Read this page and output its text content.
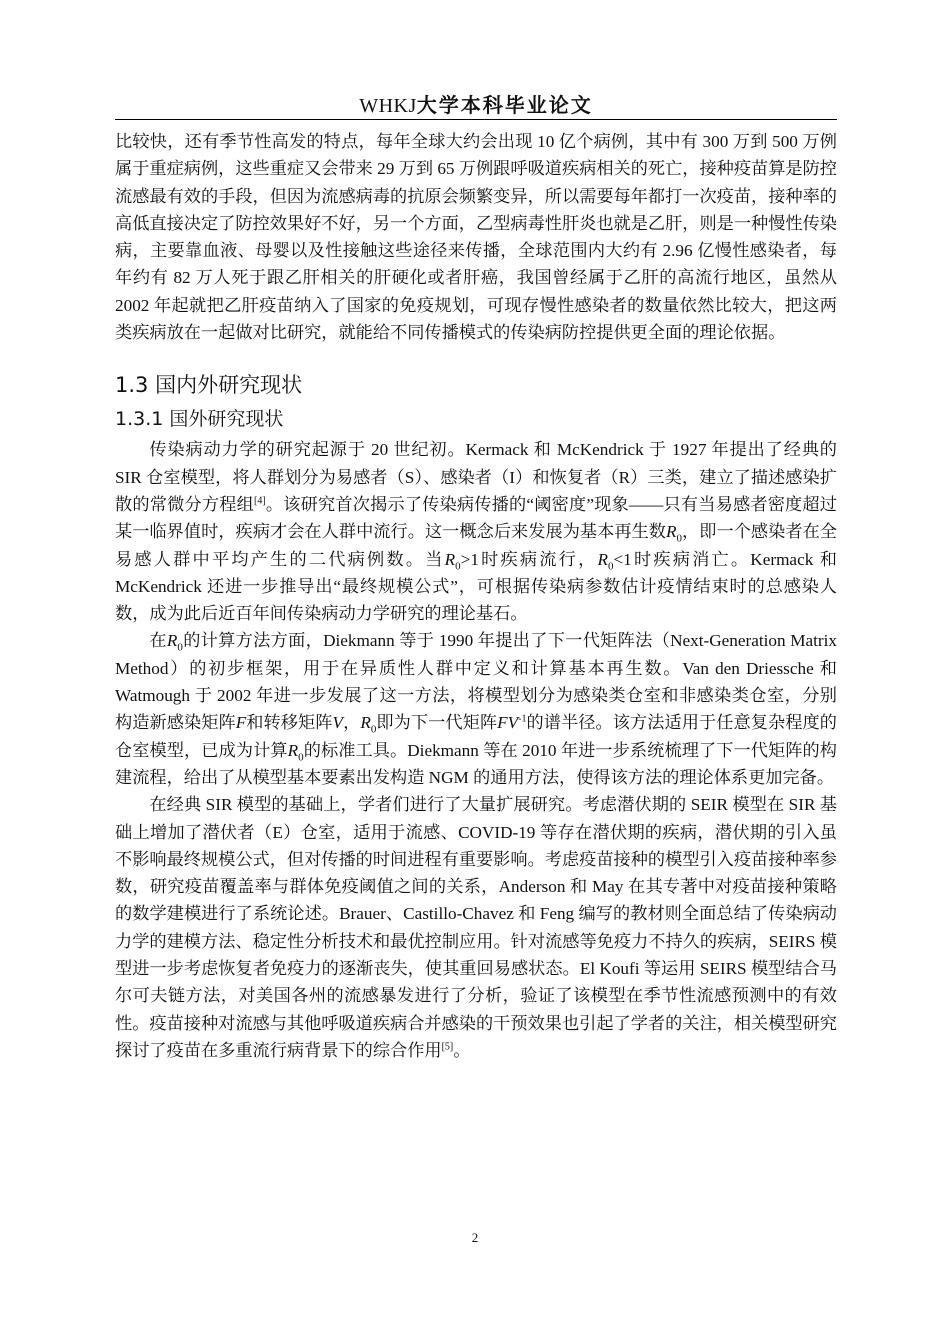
WHKJ大学本科毕业论文

比较快，还有季节性高发的特点，每年全球大约会出现 10 亿个病例，其中有 300 万到 500 万例属于重症病例，这些重症又会带来 29 万到 65 万例跟呼吸道疾病相关的死亡，接种疫苗算是防控流感最有效的手段，但因为流感病毒的抗原会频繁变异，所以需要每年都打一次疫苗，接种率的高低直接决定了防控效果好不好，另一个方面，乙型病毒性肝炎也就是乙肝，则是一种慢性传染病，主要靠血液、母婴以及性接触这些途径来传播，全球范围内大约有 2.96 亿慢性感染者，每年约有 82 万人死于跟乙肝相关的肝硬化或者肝癌，我国曾经属于乙肝的高流行地区，虽然从 2002 年起就把乙肝疫苗纳入了国家的免疫规划，可现存慢性感染者的数量依然比较大，把这两类疾病放在一起做对比研究，就能给不同传播模式的传染病防控提供更全面的理论依据。

1.3 国内外研究现状
1.3.1 国外研究现状

传染病动力学的研究起源于 20 世纪初。Kermack 和 McKendrick 于 1927 年提出了经典的 SIR 仓室模型，将人群划分为易感者（S）、感染者（I）和恢复者（R）三类，建立了描述感染扩散的常微分方程组[4]。该研究首次揭示了传染病传播的“阈密度”现象——只有当易感者密度超过某一临界值时，疾病才会在人群中流行。这一概念后来发展为基本再生数$R_0$，即一个感染者在全易感人群中平均产生的二代病例数。当$R_0>1$时疾病流行，$R_0<1$时疾病消亡。Kermack 和 McKendrick 还进一步推导出“最终规模公式”，可根据传染病参数估计疫情结束时的总感染人数，成为此后近百年间传染病动力学研究的理论基石。

在$R_0$的计算方法方面，Diekmann 等于 1990 年提出了下一代矩阵法（Next-Generation Matrix Method）的初步框架，用于在异质性人群中定义和计算基本再生数。Van den Driessche 和 Watmough 于 2002 年进一步发展了这一方法，将模型划分为感染类仓室和非感染类仓室，分别构造新感染矩阵F和转移矩阵V，$R_0$即为下一代矩阵$FV^{-1}$的谱半径。该方法适用于任意复杂程度的仓室模型，已成为计算$R_0$的标准工具。Diekmann 等在 2010 年进一步系统梳理了下一代矩阵的构建流程，给出了从模型基本要素出发构造 NGM 的通用方法，使得该方法的理论体系更加完备。

在经典 SIR 模型的基础上，学者们进行了大量扩展研究。考虑潜伏期的 SEIR 模型在 SIR 基础上增加了潜伏者（E）仓室，适用于流感、COVID-19 等存在潜伏期的疾病，潜伏期的引入虽不影响最终规模公式，但对传播的时间进程有重要影响。考虑疫苗接种的模型引入疫苗接种率参数，研究疫苗覆盖率与群体免疫阈值之间的关系，Anderson 和 May 在其专著中对疫苗接种策略的数学建模进行了系统论述。Brauer、Castillo-Chavez 和 Feng 编写的教材则全面总结了传染病动力学的建模方法、稳定性分析技术和最优控制应用。针对流感等免疫力不持久的疾病，SEIRS 模型进一步考虑恢复者免疫力的逐渐丧失，使其重回易感状态。El Koufi 等运用 SEIRS 模型结合马尔可夫链方法，对美国各州的流感暴发进行了分析，验证了该模型在季节性流感预测中的有效性。疫苗接种对流感与其他呼吸道疾病合并感染的干预效果也引起了学者的关注，相关模型研究探讨了疫苗在多重流行病背景下的综合作用[5]。

2
